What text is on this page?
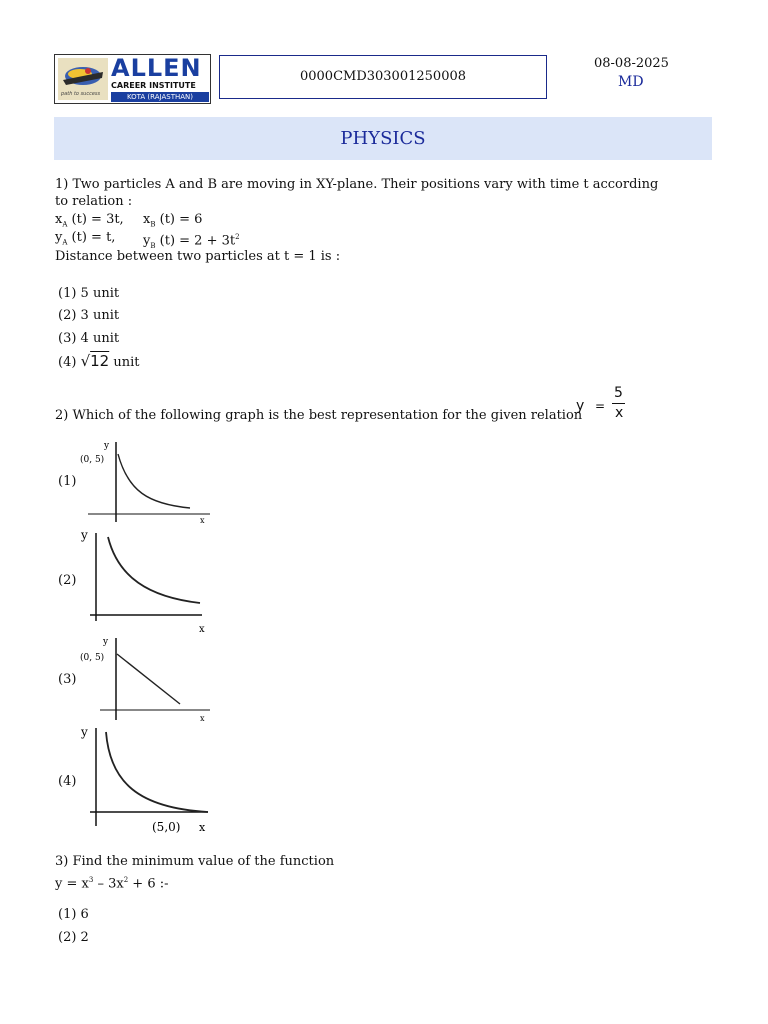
path to success
ALLEN
CAREER INSTITUTE
KOTA (RAJASTHAN)
0000CMD303001250008
08-08-2025
MD
PHYSICS
1) Two particles A and B are moving in XY-plane. Their positions vary with time t according
to relation :
$x_A$ (t) = 3t, $x_B$ (t) = 6
$y_A$ (t) = t, $y_B$ $(t) = 2 + 3t^2$
Distance between two particles at t = 1 is :
(1) 5 unit
(2) 3 unit
(3) 4 unit
(4) √12 unit
2) Which of the following graph is the best representation for the given relation
y =
5
x
(1)
y
(0, 5)
x
(2)
y
x
(3)
y
(0, 5)
x
(4)
y
(5,0) x
3) Find the minimum value of the function
$y = x^3 - 3x^2 + 6$ :-
(1) 6
(2) 2
